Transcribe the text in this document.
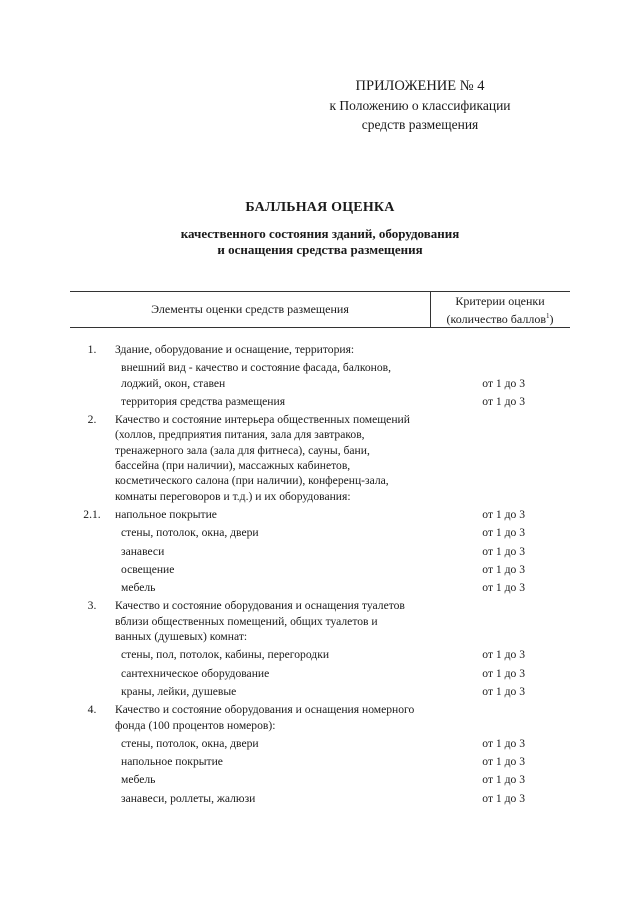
ПРИЛОЖЕНИЕ № 4
к Положению о классификации
средств размещения
БАЛЛЬНАЯ ОЦЕНКА
качественного состояния зданий, оборудования
и оснащения средства размещения
Элементы оценки средств размещения
Критерии оценки
(количество баллов$^1$)
1.	Здание, оборудование и оснащение, территория:
внешний вид - качество и состояние фасада, балконов, лоджий, окон, ставен	от 1 до 3
территория средства размещения	от 1 до 3
2.	Качество и состояние интерьера общественных помещений (холлов, предприятия питания, зала для завтраков, тренажерного зала (зала для фитнеса), сауны, бани, бассейна (при наличии), массажных кабинетов, косметического салона (при наличии), конференц-зала, комнаты переговоров и т.д.) и их оборудования:
2.1.	напольное покрытие	от 1 до 3
стены, потолок, окна, двери	от 1 до 3
занавеси	от 1 до 3
освещение	от 1 до 3
мебель	от 1 до 3
3.	Качество и состояние оборудования и оснащения туалетов вблизи общественных помещений, общих туалетов и ванных (душевых) комнат:
стены, пол, потолок, кабины, перегородки	от 1 до 3
сантехническое оборудование	от 1 до 3
краны, лейки, душевые	от 1 до 3
4.	Качество и состояние оборудования и оснащения номерного фонда (100 процентов номеров):
стены, потолок, окна, двери	от 1 до 3
напольное покрытие	от 1 до 3
мебель	от 1 до 3
занавеси, роллеты, жалюзи	от 1 до 3
